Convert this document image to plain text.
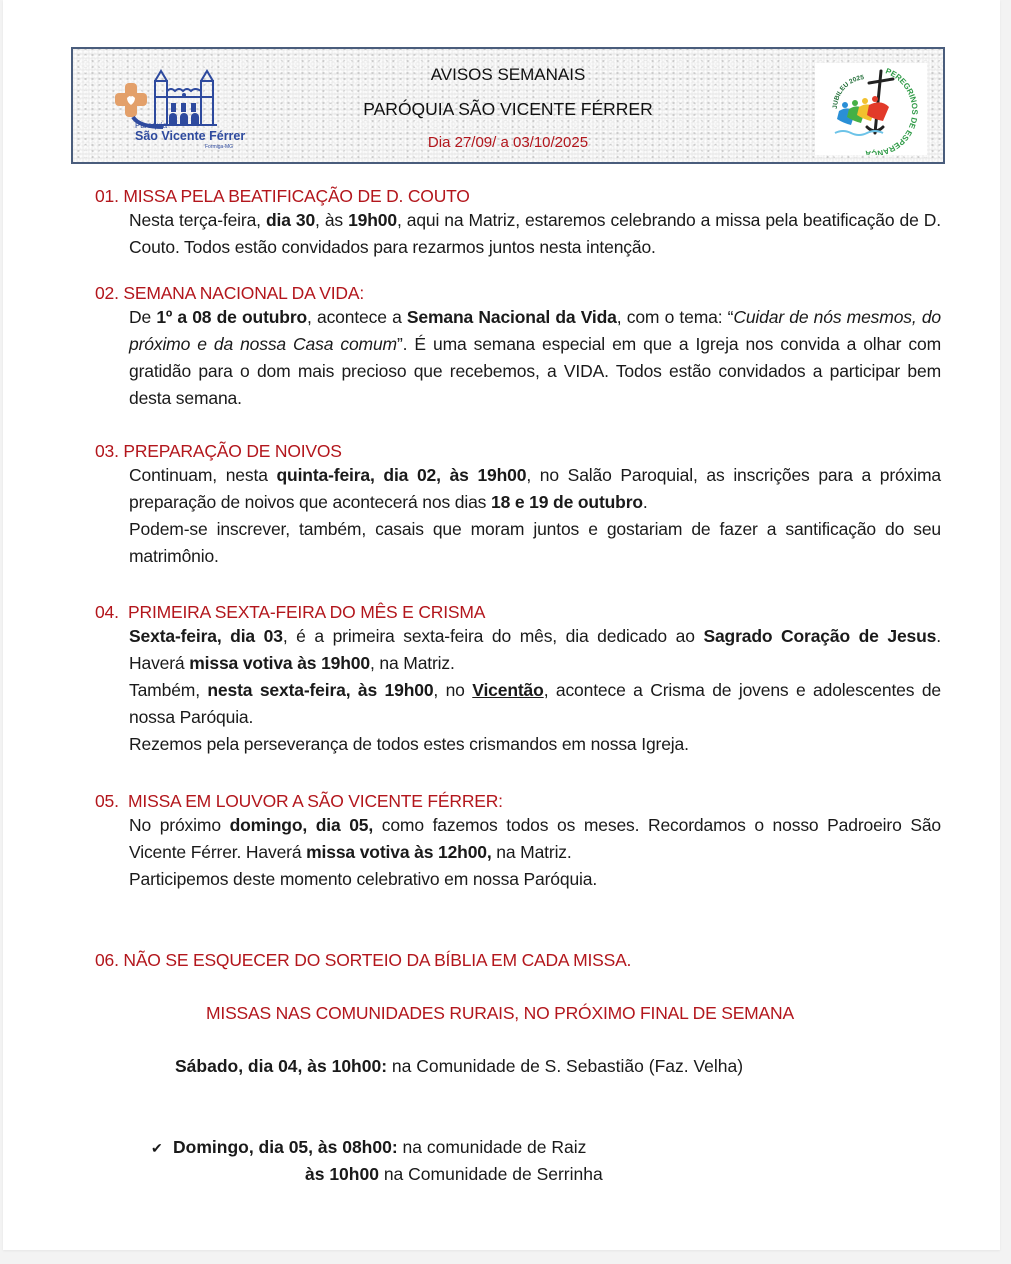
Paroquia
São Vicente Férrer
Formiga-MG
AVISOS SEMANAIS
PARÓQUIA SÃO VICENTE FÉRRER
Dia 27/09/ a 03/10/2025
JUBILEU 2025
PEREGRINOS DE ESPERANÇA
01. MISSA PELA BEATIFICAÇÃO DE D. COUTO

Nesta terça-feira, dia 30, às 19h00, aqui na Matriz, estaremos celebrando a missa pela beatificação de D. Couto. Todos estão convidados para rezarmos juntos nesta intenção.

02. SEMANA NACIONAL DA VIDA:

De 1º a 08 de outubro, acontece a Semana Nacional da Vida, com o tema: “Cuidar de nós mesmos, do próximo e da nossa Casa comum”. É uma semana especial em que a Igreja nos convida a olhar com gratidão para o dom mais precioso que recebemos, a VIDA. Todos estão convidados a participar bem desta semana.

03. PREPARAÇÃO DE NOIVOS

Continuam, nesta quinta-feira, dia 02, às 19h00, no Salão Paroquial, as inscrições para a próxima preparação de noivos que acontecerá nos dias 18 e 19 de outubro.

Podem-se inscrever, também, casais que moram juntos e gostariam de fazer a santificação do seu matrimônio.

04.  PRIMEIRA SEXTA-FEIRA DO MÊS E CRISMA

Sexta-feira, dia 03, é a primeira sexta-feira do mês, dia dedicado ao Sagrado Coração de Jesus. Haverá missa votiva às 19h00, na Matriz.

Também, nesta sexta-feira, às 19h00, no Vicentão, acontece a Crisma de jovens e adolescentes de nossa Paróquia.

Rezemos pela perseverança de todos estes crismandos em nossa Igreja.

05.  MISSA EM LOUVOR A SÃO VICENTE FÉRRER:

No próximo domingo, dia 05, como fazemos todos os meses. Recordamos o nosso Padroeiro São Vicente Férrer. Haverá missa votiva às 12h00, na Matriz.

Participemos deste momento celebrativo em nossa Paróquia.

06. NÃO SE ESQUECER DO SORTEIO DA BÍBLIA EM CADA MISSA.
MISSAS NAS COMUNIDADES RURAIS, NO PRÓXIMO FINAL DE SEMANA
Sábado, dia 04, às 10h00: na Comunidade de S. Sebastião (Faz. Velha)
✔ Domingo, dia 05, às 08h00: na comunidade de Raiz
às 10h00 na Comunidade de Serrinha
